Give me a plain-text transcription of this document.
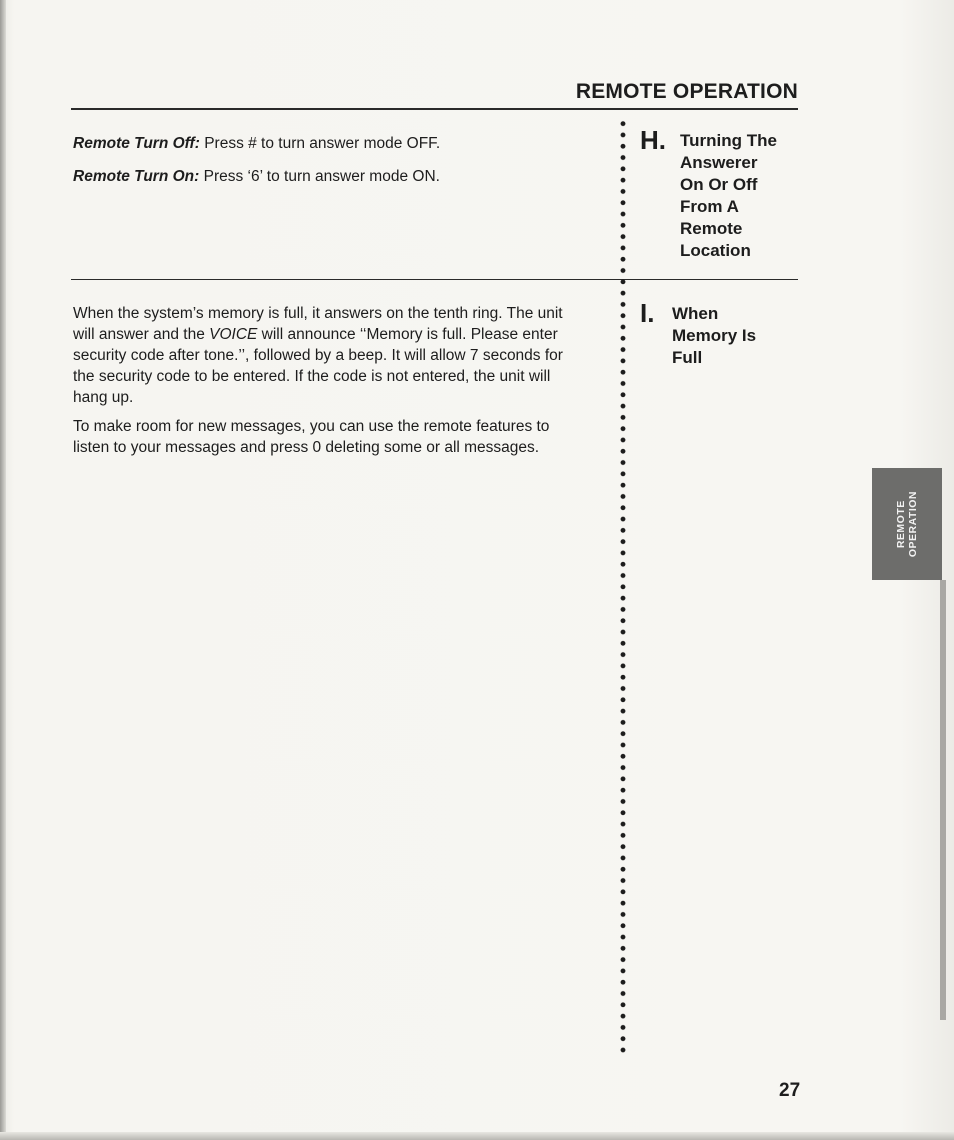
REMOTE OPERATION

Remote Turn Off: Press # to turn answer mode OFF.

Remote Turn On: Press ‘6’ to turn answer mode ON.

H. Turning The
Answerer
On Or Off
From A
Remote
Location
I.	When
Memory Is
Full

When the system’s memory is full, it answers on the tenth ring. The unit will answer and the VOICE will announce ‘‘Memory is full. Please enter security code after tone.’’, followed by a beep. It will allow 7 seconds for the security code to be entered. If the code is not entered, the unit will hang up.

To make room for new messages, you can use the remote features to listen to your messages and press 0 deleting some or all messages.

REMOTE OPERATION
27
